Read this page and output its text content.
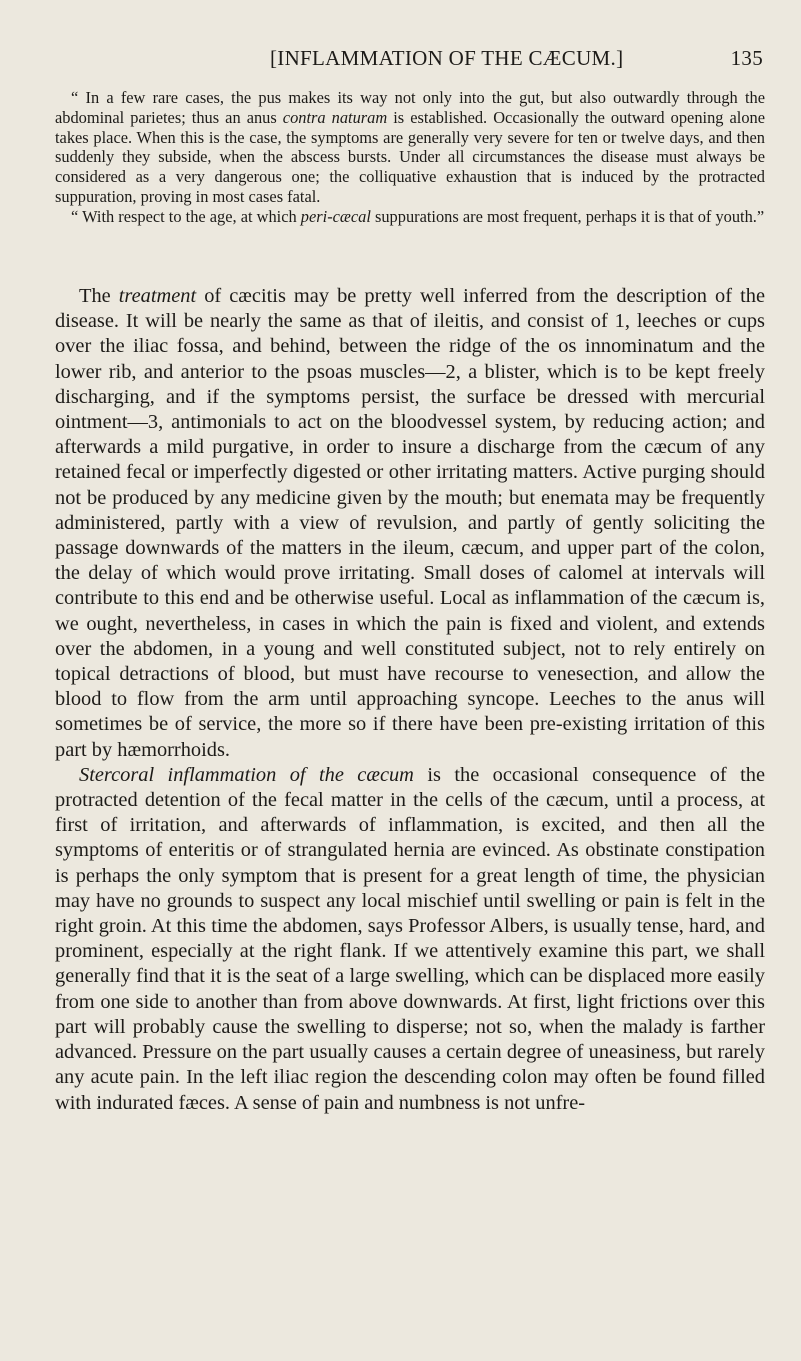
[INFLAMMATION OF THE CÆCUM.]	135

“ In a few rare cases, the pus makes its way not only into the gut, but also outwardly through the abdominal parietes; thus an anus contra naturam is established. Occasionally the outward opening alone takes place. When this is the case, the symptoms are generally very severe for ten or twelve days, and then suddenly they subside, when the abscess bursts. Under all circumstances the disease must always be considered as a very dangerous one; the colliquative exhaustion that is induced by the protracted suppuration, proving in most cases fatal.

“ With respect to the age, at which peri-cæcal suppurations are most frequent, perhaps it is that of youth.”

The treatment of cæcitis may be pretty well inferred from the description of the disease. It will be nearly the same as that of ileitis, and consist of 1, leeches or cups over the iliac fossa, and behind, between the ridge of the os innominatum and the lower rib, and anterior to the psoas muscles—2, a blister, which is to be kept freely discharging, and if the symptoms persist, the surface be dressed with mercurial ointment—3, antimonials to act on the bloodvessel system, by reducing action; and afterwards a mild purgative, in order to insure a discharge from the cæcum of any retained fecal or imperfectly digested or other irritating matters. Active purging should not be produced by any medicine given by the mouth; but enemata may be frequently administered, partly with a view of revulsion, and partly of gently soliciting the passage downwards of the matters in the ileum, cæcum, and upper part of the colon, the delay of which would prove irritating. Small doses of calomel at intervals will contribute to this end and be otherwise useful. Local as inflammation of the cæcum is, we ought, nevertheless, in cases in which the pain is fixed and violent, and extends over the abdomen, in a young and well constituted subject, not to rely entirely on topical detractions of blood, but must have recourse to venesection, and allow the blood to flow from the arm until approaching syncope. Leeches to the anus will sometimes be of service, the more so if there have been pre-existing irritation of this part by hæmorrhoids.

Stercoral inflammation of the cæcum is the occasional consequence of the protracted detention of the fecal matter in the cells of the cæcum, until a process, at first of irritation, and afterwards of inflammation, is excited, and then all the symptoms of enteritis or of strangulated hernia are evinced. As obstinate constipation is perhaps the only symptom that is present for a great length of time, the physician may have no grounds to suspect any local mischief until swelling or pain is felt in the right groin. At this time the abdomen, says Professor Albers, is usually tense, hard, and prominent, especially at the right flank. If we attentively examine this part, we shall generally find that it is the seat of a large swelling, which can be displaced more easily from one side to another than from above downwards. At first, light frictions over this part will probably cause the swelling to disperse; not so, when the malady is farther advanced. Pressure on the part usually causes a certain degree of uneasiness, but rarely any acute pain. In the left iliac region the descending colon may often be found filled with indurated fæces. A sense of pain and numbness is not unfre-
